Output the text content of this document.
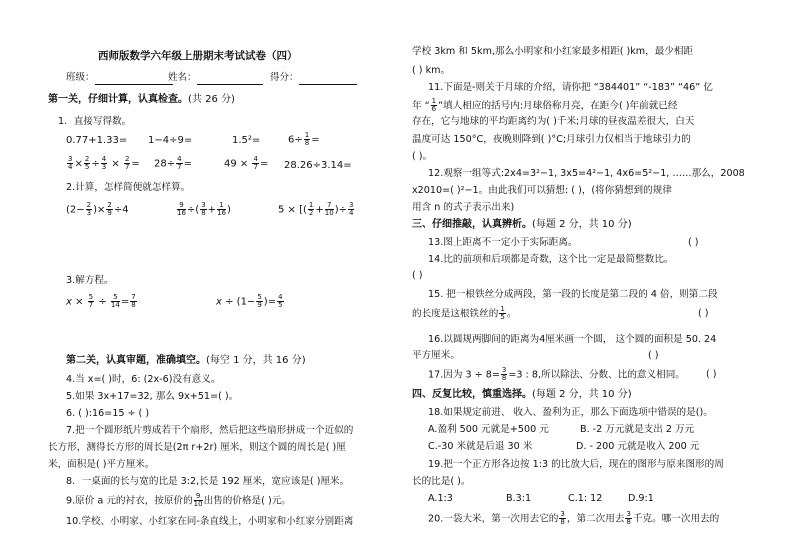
西师版数学六年级上册期末考试试卷（四）
班级：	姓名：	得分：
第一关，仔细计算，认真检查。(共 26 分)
1．直接写得数。
0.77+1.33= 1−4÷9=	1.5²=	$6\div \frac{1}{8}$ =
$\frac{3}{4} \times \frac{2}{5} \div \frac{4}{3} \times \frac{2}{7} = 28\div \frac{4}{7}$ =	$49 \times \frac{4}{7} = 28.26\div 3.14=$
2.计算，怎样简便就怎样算。
($2- \frac{2}{3}$ )× $\frac{2}{9} \div 4$	$\frac{9}{16}$ ÷( $\frac{3}{8} + \frac{1}{16}$ )	5 × [( $\frac{1}{2} + \frac{7}{10}$ )÷ $\frac{3}{4}$
3.解方程。
$x \times \frac{5}{7} \div \frac{5}{14} = \frac{7}{8}$	$x \div (1- \frac{5}{9}$ )= $\frac{4}{5}$
第二关，认真审题，准确填空。(每空 1 分，共 16 分)
4.当 x=( )时，6: (2x-6)没有意义。
5.如果 3x+17=32, 那么 9x+51=( )。
6. ( ):16=15 ÷ ( )
7.把一个圆形纸片剪成若干个扇形，然后把这些扇形拼成一个近似的
长方形，测得长方形的周长是(2π r+2r) 厘米，则这个圆的周长是( )厘
米，面积是( )平方厘米。
8．一桌面的长与宽的比是 3:2,长是 192 厘米，宽应该是( )厘米。
9.原价 a 元的衬衣，按原价的 $\frac{9}{10}$ 出售的价格是( )元。
10.学校、小明家、小红家在同-条直线上，小明家和小红家分别距离
学校 3km 和 5km,那么小明家和小红家最多相距( )km，最少相距
( ) km。
11.下面是-则关于月球的介绍，请你把 “384401” “-183” “46” 亿
年 “ $\frac{1}{6}$ ”填人相应的括号内:月球俗称月亮，在距今( )年前就已经
存在，它与地球的平均距离约为( )千米;月球的昼夜温差很大，白天
温度可达 150°C，夜晚则降到( )°C;月球引力仅相当于地球引力的
( )。
12.观察一组等式:2x4=3²−1, 3x5=4²−1, 4x6=5²−1, ……那么，2008
x2010=( )²−1。由此我们可以猜想: ( )，(将你猜想到的规律
用含 n 的式子表示出来)
三、仔细推敲，认真辨析。(每题 2 分，共 10 分)
13.图上距离不一定小于实际距离。	( )
14.比的前项和后项都是奇数，这个比一定是最简整数比。
( )
15. 把一根铁丝分成两段，第一段的长度是第二段的 4 倍，则第二段
的长度是这根铁丝的 $\frac{1}{5}$ 。	( )
16.以圆规两脚间的距离为4厘米画一个圆， 这个圆的面积是 50. 24
平方厘米。	( )
17.因为 $3 \div 8= \frac{3}{8} =3$ : 8,所以除法、分数、比的意义相同。 ( )
四、反复比较，慎重选择。(每题 2 分，共 10 分)
18.如果规定前进、 收入、盈利为正，那么下面选项中错误的是()。
A.盈利 500 元就是+500 元	B. -2 万元就是支出 2 万元
C.-30 米就是后退 30 米	D. - 200 元就是收入 200 元
19.把一个正方形各边按 1:3 的比放大后，现在的图形与原来图形的周
长的比是( )。
A.1:3	B.3:1	C.1: 12	D.9:1
20.一袋大米，第一次用去它的 $\frac{3}{8}$ ，第二次用去 $\frac{3}{8}$ 千克。哪一次用去的
